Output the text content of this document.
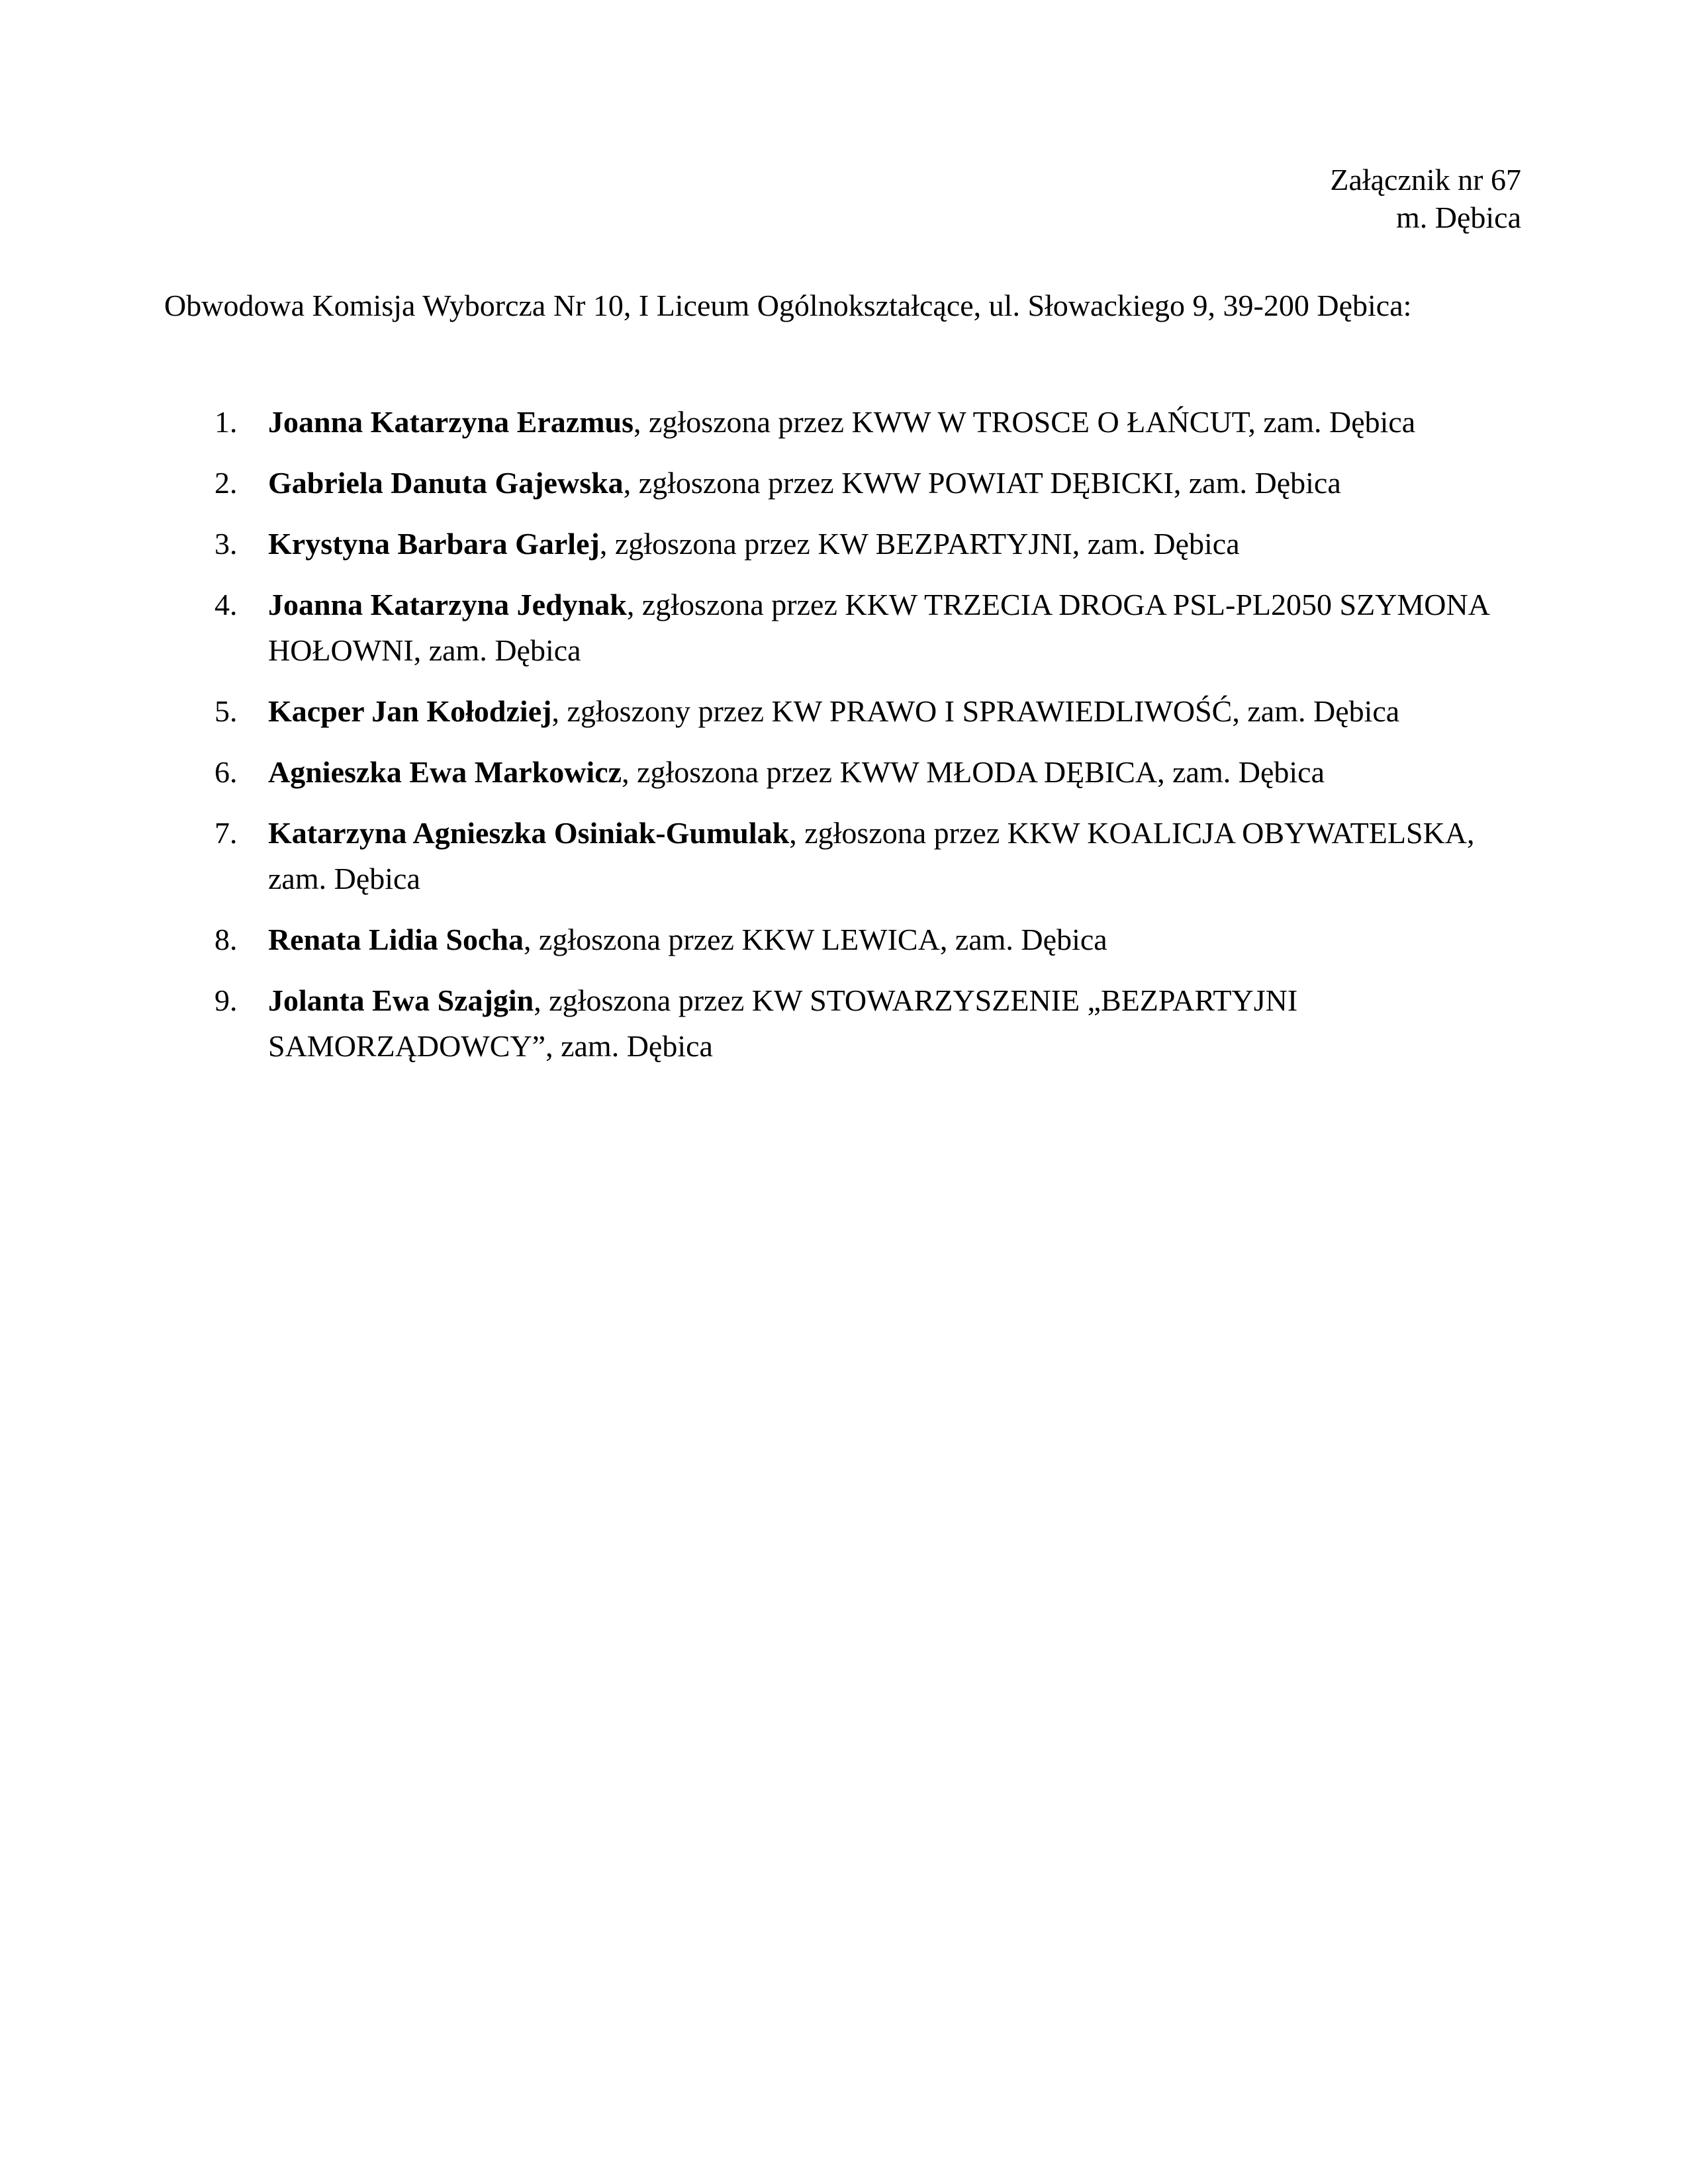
Załącznik nr 67
m. Dębica
Obwodowa Komisja Wyborcza Nr 10, I Liceum Ogólnokształcące, ul. Słowackiego 9, 39-200 Dębica:
1. Joanna Katarzyna Erazmus, zgłoszona przez KWW W TROSCE O ŁAŃCUT, zam. Dębica
2. Gabriela Danuta Gajewska, zgłoszona przez KWW POWIAT DĘBICKI, zam. Dębica
3. Krystyna Barbara Garlej, zgłoszona przez KW BEZPARTYJNI, zam. Dębica
4. Joanna Katarzyna Jedynak, zgłoszona przez KKW TRZECIA DROGA PSL-PL2050 SZYMONA HOŁOWNI, zam. Dębica
5. Kacper Jan Kołodziej, zgłoszony przez KW PRAWO I SPRAWIEDLIWOŚĆ, zam. Dębica
6. Agnieszka Ewa Markowicz, zgłoszona przez KWW MŁODA DĘBICA, zam. Dębica
7. Katarzyna Agnieszka Osiniak-Gumulak, zgłoszona przez KKW KOALICJA OBYWATELSKA, zam. Dębica
8. Renata Lidia Socha, zgłoszona przez KKW LEWICA, zam. Dębica
9. Jolanta Ewa Szajgin, zgłoszona przez KW STOWARZYSZENIE „BEZPARTYJNI SAMORZĄDOWCY”, zam. Dębica
